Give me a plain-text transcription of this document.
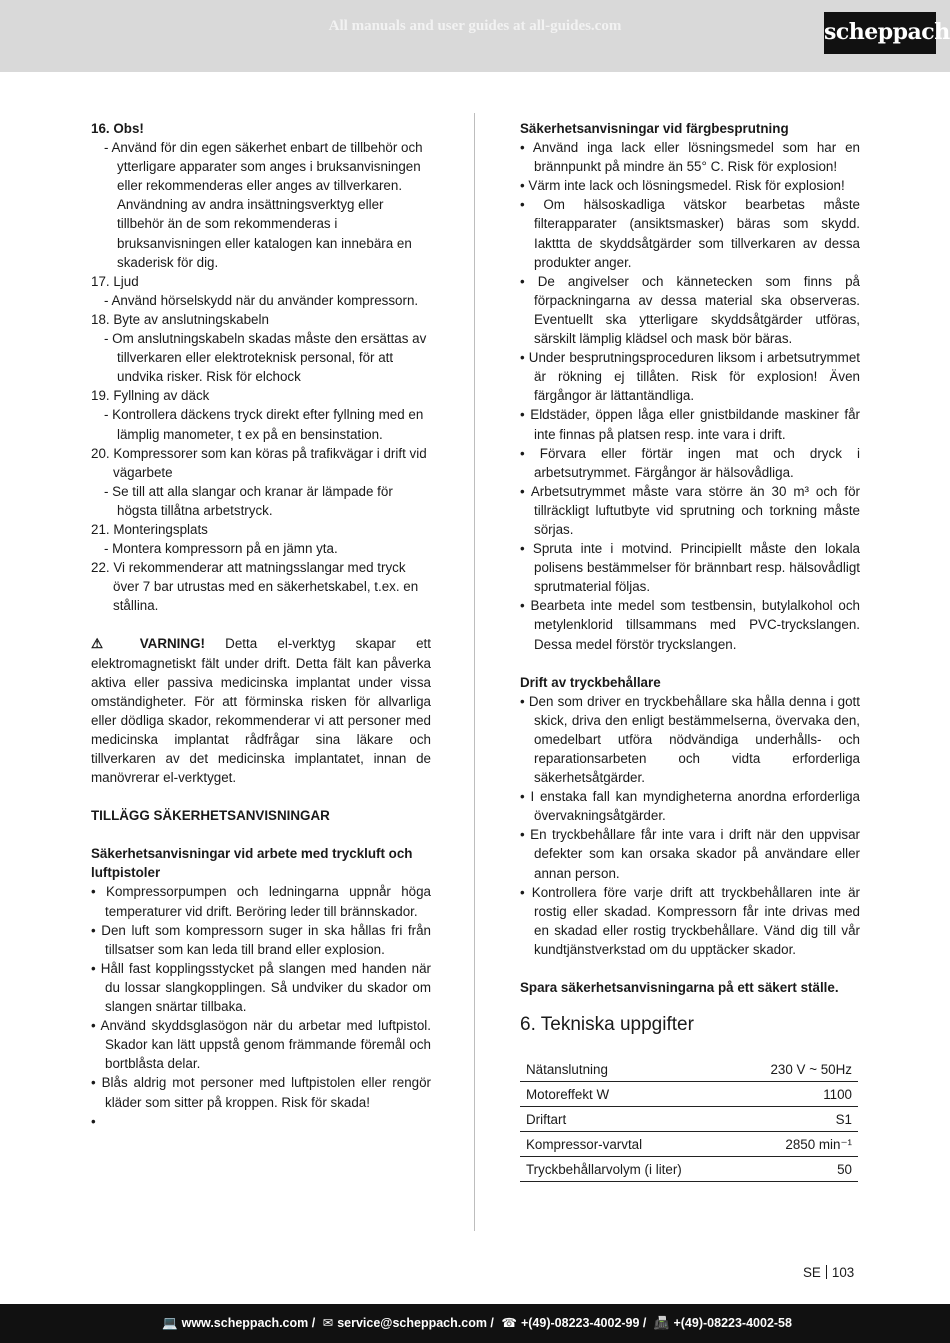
All manuals and user guides at all-guides.com	scheppach
16. Obs!
- Använd för din egen säkerhet enbart de tillbehör och ytterligare apparater som anges i bruksanvisningen eller rekommenderas eller anges av tillverkaren. Användning av andra insättningsverktyg eller tillbehör än de som rekommenderas i bruksanvisningen eller katalogen kan innebära en skaderisk för dig.
17. Ljud
- Använd hörselskydd när du använder kompressorn.
18. Byte av anslutningskabeln
- Om anslutningskabeln skadas måste den ersättas av tillverkaren eller elektroteknisk personal, för att undvika risker. Risk för elchock
19. Fyllning av däck
- Kontrollera däckens tryck direkt efter fyllning med en lämplig manometer, t ex på en bensinstation.
20. Kompressorer som kan köras på trafikvägar i drift vid vägarbete
- Se till att alla slangar och kranar är lämpade för högsta tillåtna arbetstryck.
21. Monteringsplats
- Montera kompressorn på en jämn yta.
22. Vi rekommenderar att matningsslangar med tryck över 7 bar utrustas med en säkerhetskabel, t.ex. en stållina.
⚠ VARNING! Detta el-verktyg skapar ett elektromagnetiskt fält under drift. Detta fält kan påverka aktiva eller passiva medicinska implantat under vissa omständigheter. För att förminska risken för allvarliga eller dödliga skador, rekommenderar vi att personer med medicinska implantat rådfrågar sina läkare och tillverkaren av det medicinska implantatet, innan de manövrerar el-verktyget.
TILLÄGG SÄKERHETSANVISNINGAR
Säkerhetsanvisningar vid arbete med tryckluft och luftpistoler
• Kompressorpumpen och ledningarna uppnår höga temperaturer vid drift. Beröring leder till brännskador.
• Den luft som kompressorn suger in ska hållas fri från tillsatser som kan leda till brand eller explosion.
• Håll fast kopplingsstycket på slangen med handen när du lossar slangkopplingen. Så undviker du skador om slangen snärtar tillbaka.
• Använd skyddsglasögon när du arbetar med luftpistol. Skador kan lätt uppstå genom främmande föremål och bortblåsta delar.
• Blås aldrig mot personer med luftpistolen eller rengör kläder som sitter på kroppen. Risk för skada!
•
Säkerhetsanvisningar vid färgbesprutning
• Använd inga lack eller lösningsmedel som har en brännpunkt på mindre än 55° C. Risk för explosion!
• Värm inte lack och lösningsmedel. Risk för explosion!
• Om hälsoskadliga vätskor bearbetas måste filterapparater (ansiktsmasker) bäras som skydd. Iakttta de skyddsåtgärder som tillverkaren av dessa produkter anger.
• De angivelser och kännetecken som finns på förpackningarna av dessa material ska observeras. Eventuellt ska ytterligare skyddsåtgärder utföras, särskilt lämplig klädsel och mask bör bäras.
• Under besprutningsproceduren liksom i arbetsutrymmet är rökning ej tillåten. Risk för explosion! Även färgångor är lättantändliga.
• Eldstäder, öppen låga eller gnistbildande maskiner får inte finnas på platsen resp. inte vara i drift.
• Förvara eller förtär ingen mat och dryck i arbetsutrymmet. Färgångor är hälsovådliga.
• Arbetsutrymmet måste vara större än 30 m³ och för tillräckligt luftutbyte vid sprutning och torkning måste sörjas.
• Spruta inte i motvind. Principiellt måste den lokala polisens bestämmelser för brännbart resp. hälsovådligt sprutmaterial följas.
• Bearbeta inte medel som testbensin, butylalkohol och metylenklorid tillsammans med PVC-tryckslangen. Dessa medel förstör tryckslangen.
Drift av tryckbehållare
• Den som driver en tryckbehållare ska hålla denna i gott skick, driva den enligt bestämmelserna, övervaka den, omedelbart utföra nödvändiga underhålls- och reparationsarbeten och vidta erforderliga säkerhetsåtgärder.
• I enstaka fall kan myndigheterna anordna erforderliga övervakningsåtgärder.
• En tryckbehållare får inte vara i drift när den uppvisar defekter som kan orsaka skador på användare eller annan person.
• Kontrollera före varje drift att tryckbehållaren inte är rostig eller skadad. Kompressorn får inte drivas med en skadad eller rostig tryckbehållare. Vänd dig till vår kundtjänstverkstad om du upptäcker skador.
Spara säkerhetsanvisningarna på ett säkert ställe.
6. Tekniska uppgifter
Nätanslutning	230 V ~ 50Hz
Motoreffekt W	1100
Driftart	S1
Kompressor-varvtal	2850 min⁻¹
Tryckbehållarvolym (i liter)	50
SE 103
💻 www.scheppach.com / ✉ service@scheppach.com / ☎ +(49)-08223-4002-99 / 📠 +(49)-08223-4002-58
